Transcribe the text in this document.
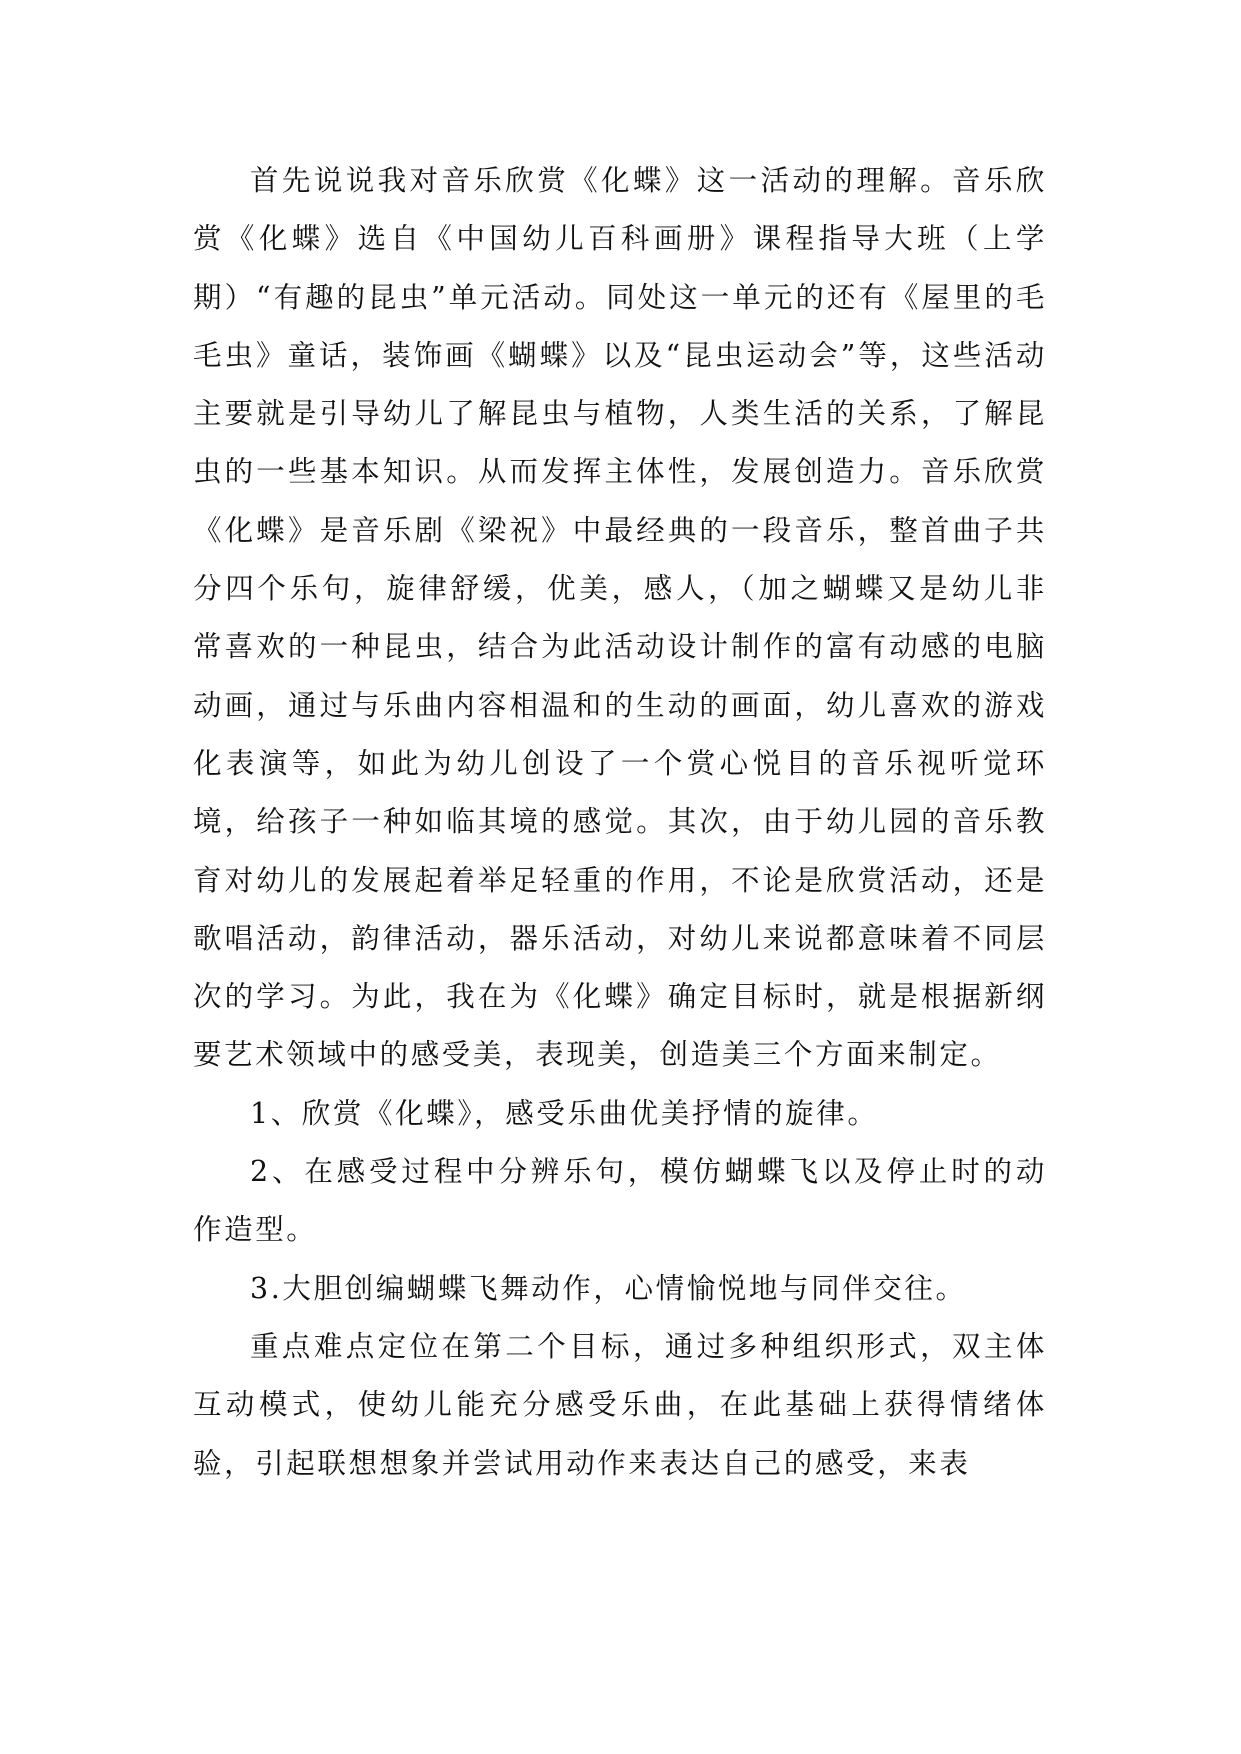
首先说说我对音乐欣赏《化蝶》这一活动的理解。音乐欣赏《化蝶》选自《中国幼儿百科画册》课程指导大班（上学期）“有趣的昆虫”单元活动。同处这一单元的还有《屋里的毛毛虫》童话，装饰画《蝴蝶》以及“昆虫运动会”等，这些活动主要就是引导幼儿了解昆虫与植物，人类生活的关系，了解昆虫的一些基本知识。从而发挥主体性，发展创造力。音乐欣赏《化蝶》是音乐剧《梁祝》中最经典的一段音乐，整首曲子共分四个乐句，旋律舒缓，优美，感人，（加之蝴蝶又是幼儿非常喜欢的一种昆虫，结合为此活动设计制作的富有动感的电脑动画，通过与乐曲内容相温和的生动的画面，幼儿喜欢的游戏化表演等，如此为幼儿创设了一个赏心悦目的音乐视听觉环境，给孩子一种如临其境的感觉。其次，由于幼儿园的音乐教育对幼儿的发展起着举足轻重的作用，不论是欣赏活动，还是歌唱活动，韵律活动，器乐活动，对幼儿来说都意味着不同层次的学习。为此，我在为《化蝶》确定目标时，就是根据新纲要艺术领域中的感受美，表现美，创造美三个方面来制定。

1、欣赏《化蝶》，感受乐曲优美抒情的旋律。

2、在感受过程中分辨乐句，模仿蝴蝶飞以及停止时的动作造型。

3.大胆创编蝴蝶飞舞动作，心情愉悦地与同伴交往。

重点难点定位在第二个目标，通过多种组织形式，双主体互动模式，使幼儿能充分感受乐曲，在此基础上获得情绪体验，引起联想想象并尝试用动作来表达自己的感受，来表
